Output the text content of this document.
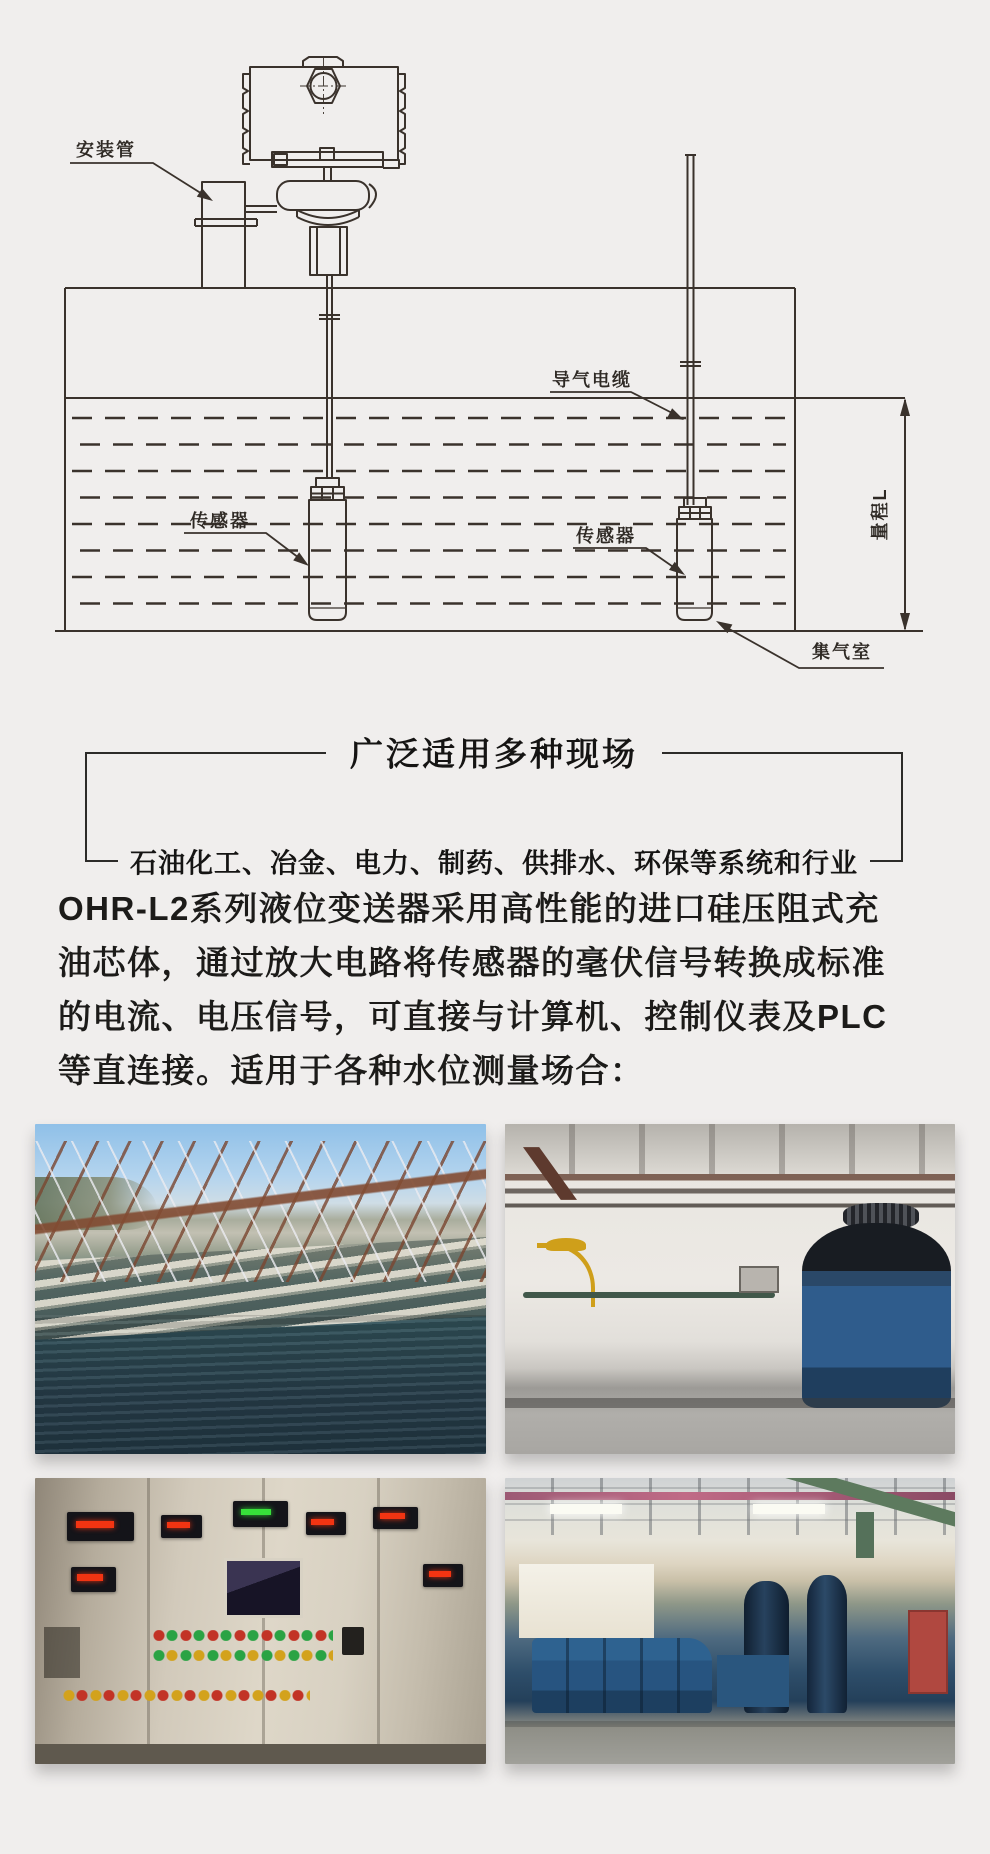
量程L
安装管
导气电缆
传感器
传感器
集气室
广泛适用多种现场
石油化工、冶金、电力、制药、供排水、环保等系统和行业
OHR-L2系列液位变送器采用高性能的进口硅压阻式充
油芯体，通过放大电路将传感器的毫伏信号转换成标准
的电流、电压信号，可直接与计算机、控制仪表及PLC
等直连接。适用于各种水位测量场合：
